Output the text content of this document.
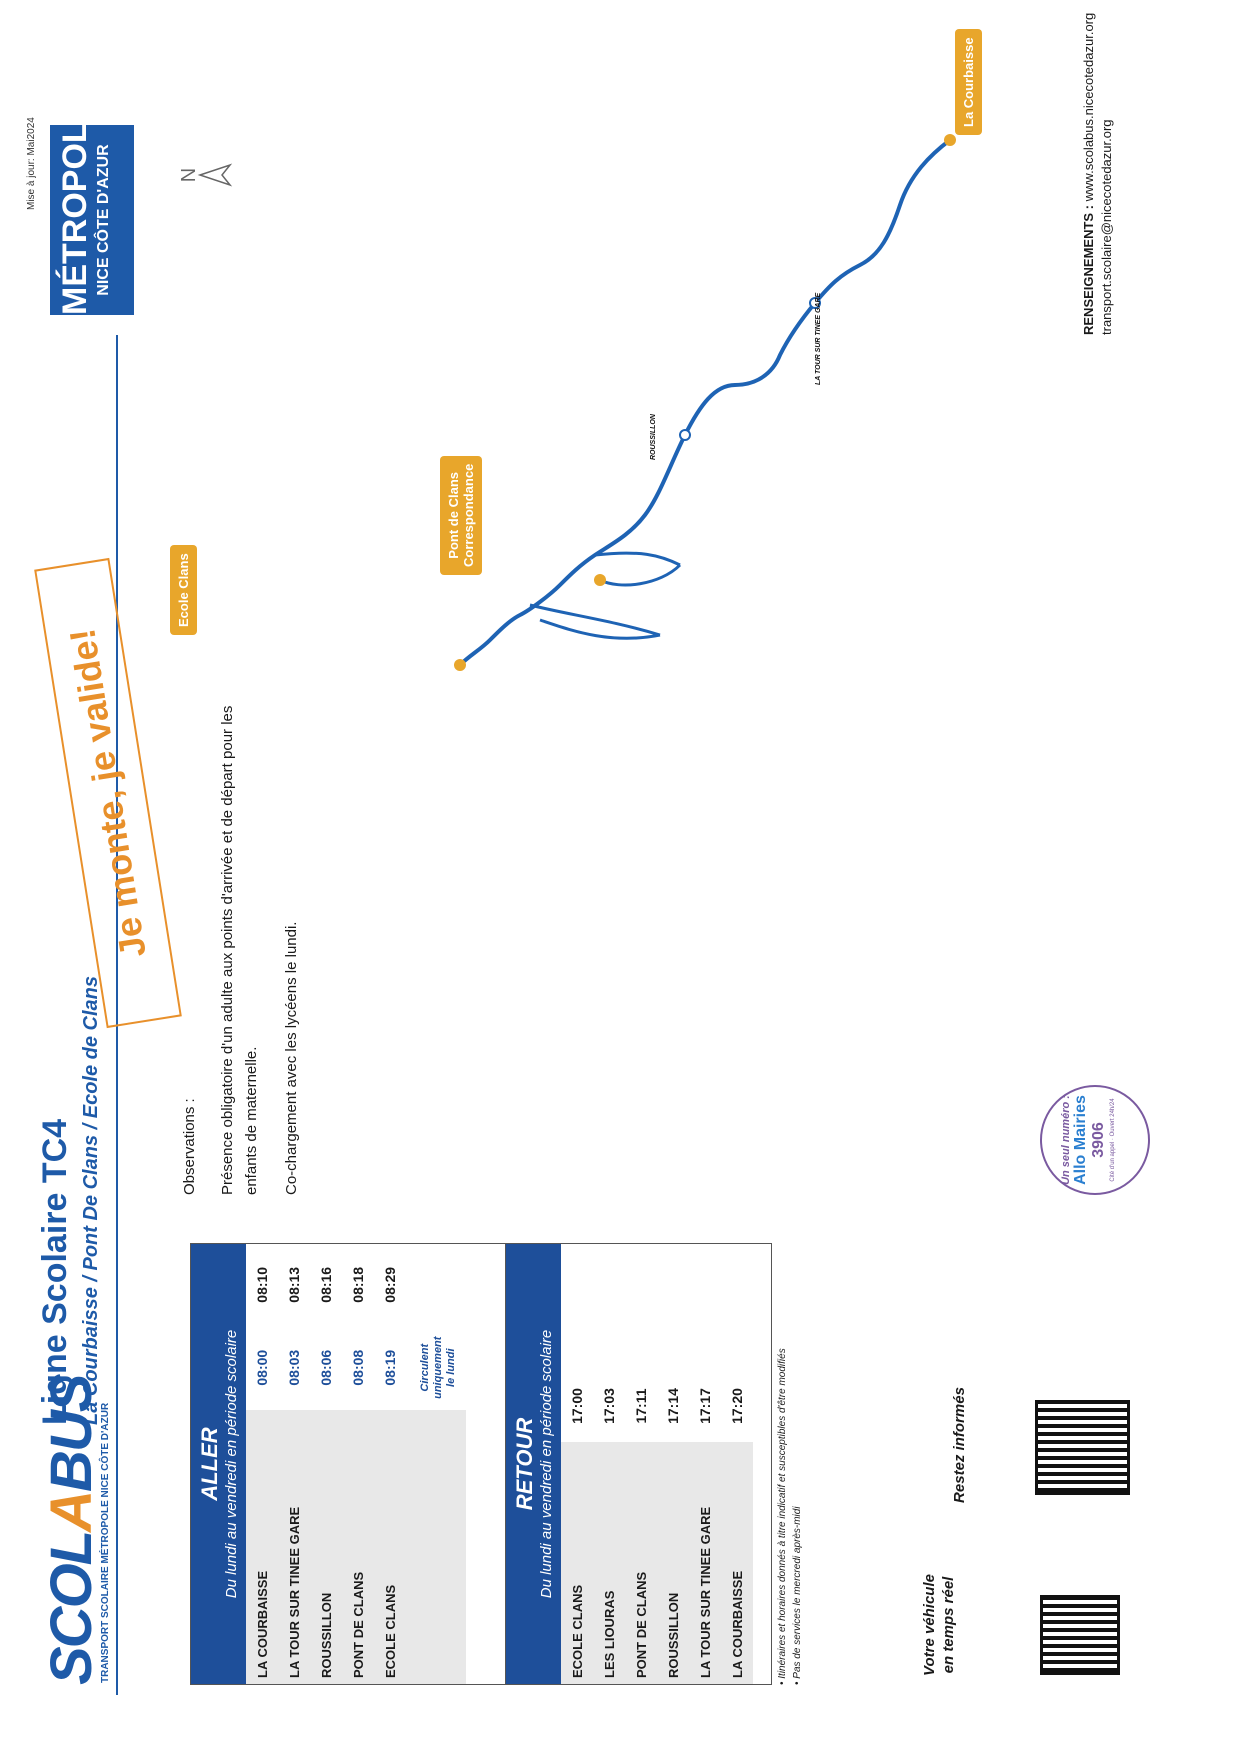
SCOLABUS
TRANSPORT SCOLAIRE MÉTROPOLE NICE CÔTE D'AZUR
Ligne Scolaire TC4 La Courbaisse / Pont De Clans / Ecole de Clans
MÉTROPOLE NICE CÔTE D'AZUR
Mise à jour: Mai2024
ALLER Du lundi au vendredi en période scolaire
LA COURBAISSE	08:00	08:10
LA TOUR SUR TINEE GARE	08:03	08:13
ROUSSILLON	08:06	08:16
PONT DE CLANS	08:08	08:18
ECOLE CLANS	08:19	08:29
	Circulent uniquement le lundi	
RETOUR Du lundi au vendredi en période scolaire
ECOLE CLANS	17:00	
LES LIOURAS	17:03	
PONT DE CLANS	17:11	
ROUSSILLON	17:14	
LA TOUR SUR TINEE GARE	17:17	
LA COURBAISSE	17:20	

Observations : Présence obligatoire d'un adulte aux points d'arrivée et de départ pour les enfants de maternelle. Co-chargement avec les lycéens le lundi.

Je monte, je valide!
N
Ecole Clans
Pont de Clans Correspondance
La Courbaisse
ROUSSILLON
LA TOUR SUR TINEE GARE
• Itinéraires et horaires donnés à titre indicatif et susceptibles d'être modifiés
• Pas de services le mercredi après-midi	Votre véhicule en temps réel
Restez informés
Un seul numéro : Allo Mairies 3906 Cité d'un appel · Ouvert 24h/24
RENSEIGNEMENTS : www.scolabus.nicecotedazur.org
transport.scolaire@nicecotedazur.org
